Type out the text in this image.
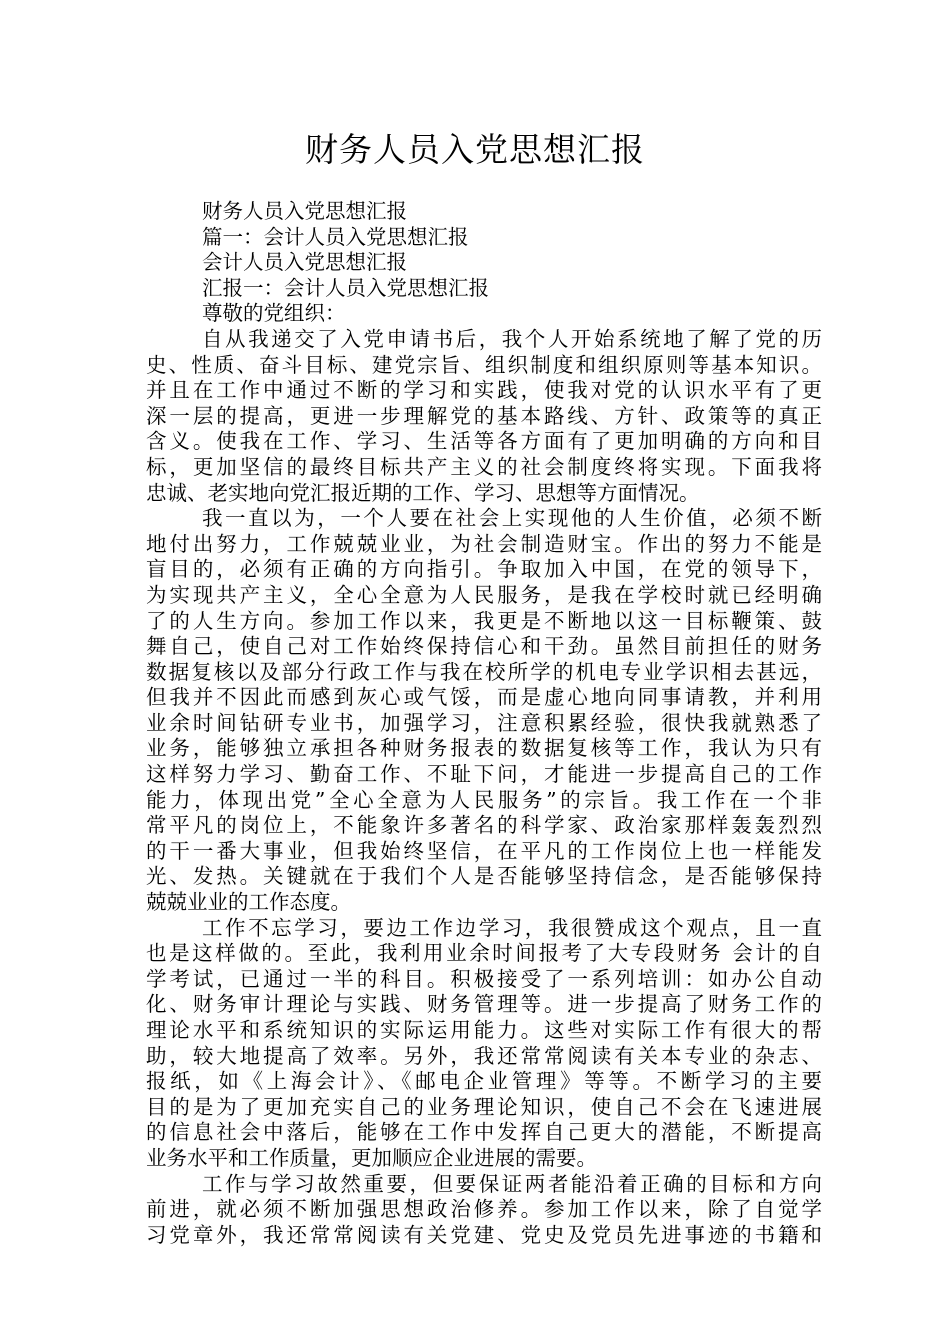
财务人员入党思想汇报
财务人员入党思想汇报
篇一：会计人员入党思想汇报
会计人员入党思想汇报
汇报一：会计人员入党思想汇报
尊敬的党组织：
自从我递交了入党申请书后，我个人开始系统地了解了党的历
史、性质、奋斗目标、建党宗旨、组织制度和组织原则等基本知识。
并且在工作中通过不断的学习和实践，使我对党的认识水平有了更
深一层的提高，更进一步理解党的基本路线、方针、政策等的真正
含义。使我在工作、学习、生活等各方面有了更加明确的方向和目
标，更加坚信的最终目标共产主义的社会制度终将实现。下面我将
忠诚、老实地向党汇报近期的工作、学习、思想等方面情况。
我一直以为，一个人要在社会上实现他的人生价值，必须不断
地付出努力，工作兢兢业业，为社会制造财宝。作出的努力不能是
盲目的，必须有正确的方向指引。争取加入中国，在党的领导下，
为实现共产主义，全心全意为人民服务，是我在学校时就已经明确
了的人生方向。参加工作以来，我更是不断地以这一目标鞭策、鼓
舞自己，使自己对工作始终保持信心和干劲。虽然目前担任的财务
数据复核以及部分行政工作与我在校所学的机电专业学识相去甚远，
但我并不因此而感到灰心或气馁，而是虚心地向同事请教，并利用
业余时间钻研专业书，加强学习，注意积累经验，很快我就熟悉了
业务，能够独立承担各种财务报表的数据复核等工作，我认为只有
这样努力学习、勤奋工作、不耻下问，才能进一步提高自己的工作
能力，体现出党”全心全意为人民服务”的宗旨。我工作在一个非
常平凡的岗位上，不能象许多著名的科学家、政治家那样轰轰烈烈
的干一番大事业，但我始终坚信，在平凡的工作岗位上也一样能发
光、发热。关键就在于我们个人是否能够坚持信念，是否能够保持
兢兢业业的工作态度。
工作不忘学习，要边工作边学习，我很赞成这个观点，且一直
也是这样做的。至此，我利用业余时间报考了大专段财务 会计的自
学考试，已通过一半的科目。积极接受了一系列培训：如办公自动
化、财务审计理论与实践、财务管理等。进一步提高了财务工作的
理论水平和系统知识的实际运用能力。这些对实际工作有很大的帮
助，较大地提高了效率。另外，我还常常阅读有关本专业的杂志、
报纸，如《上海会计》、《邮电企业管理》等等。不断学习的主要
目的是为了更加充实自己的业务理论知识，使自己不会在飞速进展
的信息社会中落后，能够在工作中发挥自己更大的潜能，不断提高
业务水平和工作质量，更加顺应企业进展的需要。
工作与学习故然重要，但要保证两者能沿着正确的目标和方向
前进，就必须不断加强思想政治修养。参加工作以来，除了自觉学
习党章外，我还常常阅读有关党建、党史及党员先进事迹的书籍和
